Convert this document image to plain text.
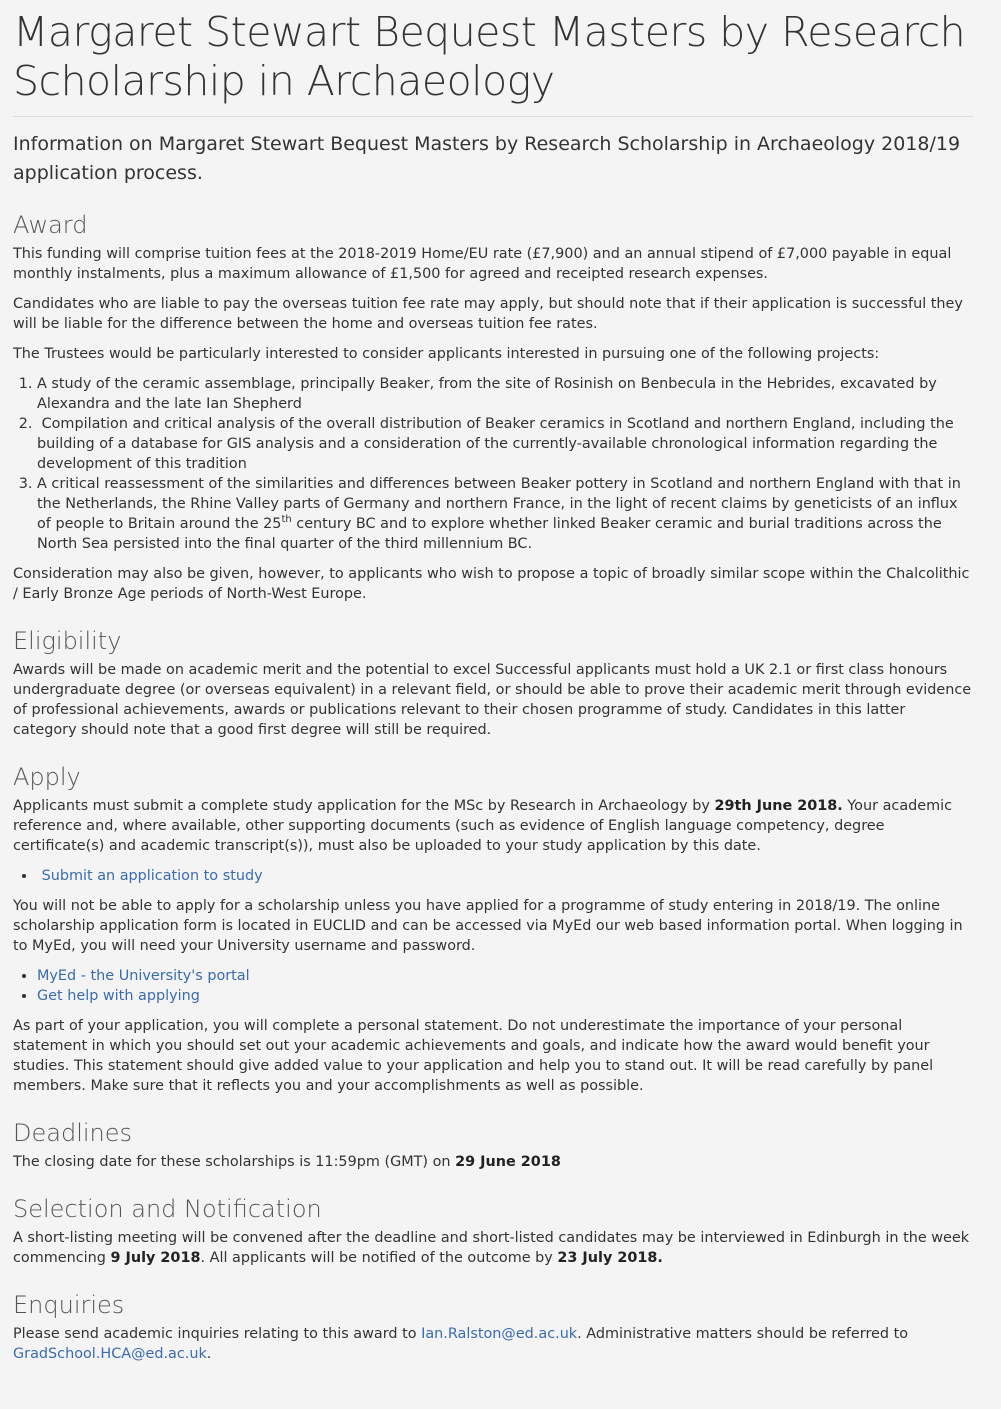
Margaret Stewart Bequest Masters by Research Scholarship in Archaeology

Information on Margaret Stewart Bequest Masters by Research Scholarship in Archaeology 2018/19 application process.

Award

This funding will comprise tuition fees at the 2018-2019 Home/EU rate (£7,900) and an annual stipend of £7,000 payable in equal monthly instalments, plus a maximum allowance of £1,500 for agreed and receipted research expenses.

Candidates who are liable to pay the overseas tuition fee rate may apply, but should note that if their application is successful they will be liable for the difference between the home and overseas tuition fee rates.

The Trustees would be particularly interested to consider applicants interested in pursuing one of the following projects:

1. A study of the ceramic assemblage, principally Beaker, from the site of Rosinish on Benbecula in the Hebrides, excavated by Alexandra and the late Ian Shepherd
2. Compilation and critical analysis of the overall distribution of Beaker ceramics in Scotland and northern England, including the building of a database for GIS analysis and a consideration of the currently-available chronological information regarding the development of this tradition
3. A critical reassessment of the similarities and differences between Beaker pottery in Scotland and northern England with that in the Netherlands, the Rhine Valley parts of Germany and northern France, in the light of recent claims by geneticists of an influx of people to Britain around the 25th century BC and to explore whether linked Beaker ceramic and burial traditions across the North Sea persisted into the final quarter of the third millennium BC.

Consideration may also be given, however, to applicants who wish to propose a topic of broadly similar scope within the Chalcolithic / Early Bronze Age periods of North-West Europe.

Eligibility

Awards will be made on academic merit and the potential to excel Successful applicants must hold a UK 2.1 or first class honours undergraduate degree (or overseas equivalent) in a relevant field, or should be able to prove their academic merit through evidence of professional achievements, awards or publications relevant to their chosen programme of study. Candidates in this latter category should note that a good first degree will still be required.

Apply

Applicants must submit a complete study application for the MSc by Research in Archaeology by 29th June 2018. Your academic reference and, where available, other supporting documents (such as evidence of English language competency, degree certificate(s) and academic transcript(s)), must also be uploaded to your study application by this date.

• Submit an application to study

You will not be able to apply for a scholarship unless you have applied for a programme of study entering in 2018/19. The online scholarship application form is located in EUCLID and can be accessed via MyEd our web based information portal. When logging in to MyEd, you will need your University username and password.

• MyEd - the University's portal
• Get help with applying

As part of your application, you will complete a personal statement. Do not underestimate the importance of your personal statement in which you should set out your academic achievements and goals, and indicate how the award would benefit your studies. This statement should give added value to your application and help you to stand out. It will be read carefully by panel members. Make sure that it reflects you and your accomplishments as well as possible.

Deadlines

The closing date for these scholarships is 11:59pm (GMT) on 29 June 2018

Selection and Notification

A short-listing meeting will be convened after the deadline and short-listed candidates may be interviewed in Edinburgh in the week commencing 9 July 2018. All applicants will be notified of the outcome by 23 July 2018.

Enquiries

Please send academic inquiries relating to this award to Ian.Ralston@ed.ac.uk. Administrative matters should be referred to GradSchool.HCA@ed.ac.uk.
